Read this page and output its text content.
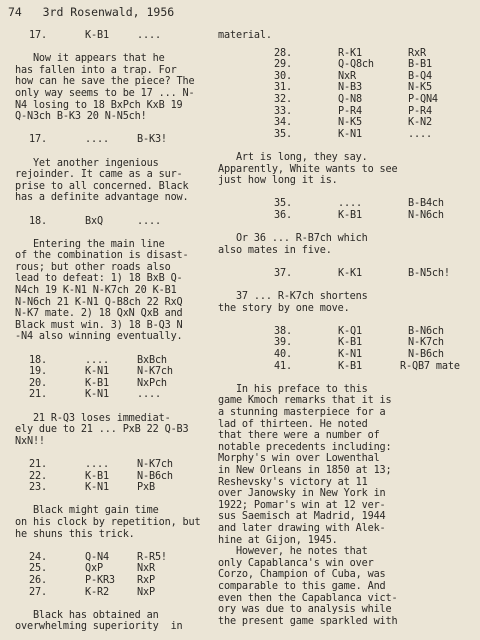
74   3rd Rosenwald, 1956
17.	K-B1	....
Now it appears that he
has fallen into a trap. For
how can he save the piece? The
only way seems to be 17 ... N-
N4 losing to 18 BxPch KxB 19
Q-N3ch B-K3 20 N-N5ch!
17.	....	B-K3!
Yet another ingenious
rejoinder. It came as a sur-
prise to all concerned. Black
has a definite advantage now.
18.	BxQ	....
Entering the main line
of the combination is disast-
rous; but other roads also
lead to defeat: 1) 18 BxB Q-
N4ch 19 K-N1 N-K7ch 20 K-B1
N-N6ch 21 K-N1 Q-B8ch 22 RxQ
N-K7 mate. 2) 18 QxN QxB and
Black must win. 3) 18 B-Q3 N
-N4 also winning eventually.
18.	....	BxBch
19.	K-N1	N-K7ch
20.	K-B1	NxPch
21.	K-N1	....
21 R-Q3 loses immediat-
ely due to 21 ... PxB 22 Q-B3
NxN!!
21.	....	N-K7ch
22.	K-B1	N-B6ch
23.	K-N1	PxB
Black might gain time
on his clock by repetition, but
he shuns this trick.
24.	Q-N4	R-R5!
25.	QxP	NxR
26.	P-KR3	RxP
27.	K-R2	NxP
Black has obtained an
overwhelming superiority  in
material.
28.	R-K1	RxR
29.	Q-Q8ch	B-B1
30.	NxR	B-Q4
31.	N-B3	N-K5
32.	Q-N8	P-QN4
33.	P-R4	P-R4
34.	N-K5	K-N2
35.	K-N1	....
Art is long, they say.
Apparently, White wants to see
just how long it is.
35.	....	B-B4ch
36.	K-B1	N-N6ch
Or 36 ... R-B7ch which
also mates in five.
37.	K-K1	B-N5ch!
37 ... R-K7ch shortens
the story by one move.
38.	K-Q1	B-N6ch
39.	K-B1	N-K7ch
40.	K-N1	N-B6ch
41.	K-B1	R-QB7 mate
In his preface to this
game Kmoch remarks that it is
a stunning masterpiece for a
lad of thirteen. He noted
that there were a number of
notable precedents including:
Morphy's win over Lowenthal
in New Orleans in 1850 at 13;
Reshevsky's victory at 11
over Janowsky in New York in
1922; Pomar's win at 12 ver-
sus Saemisch at Madrid, 1944
and later drawing with Alek-
hine at Gijon, 1945.
However, he notes that
only Capablanca's win over
Corzo, Champion of Cuba, was
comparable to this game. And
even then the Capablanca vict-
ory was due to analysis while
the present game sparkled with
